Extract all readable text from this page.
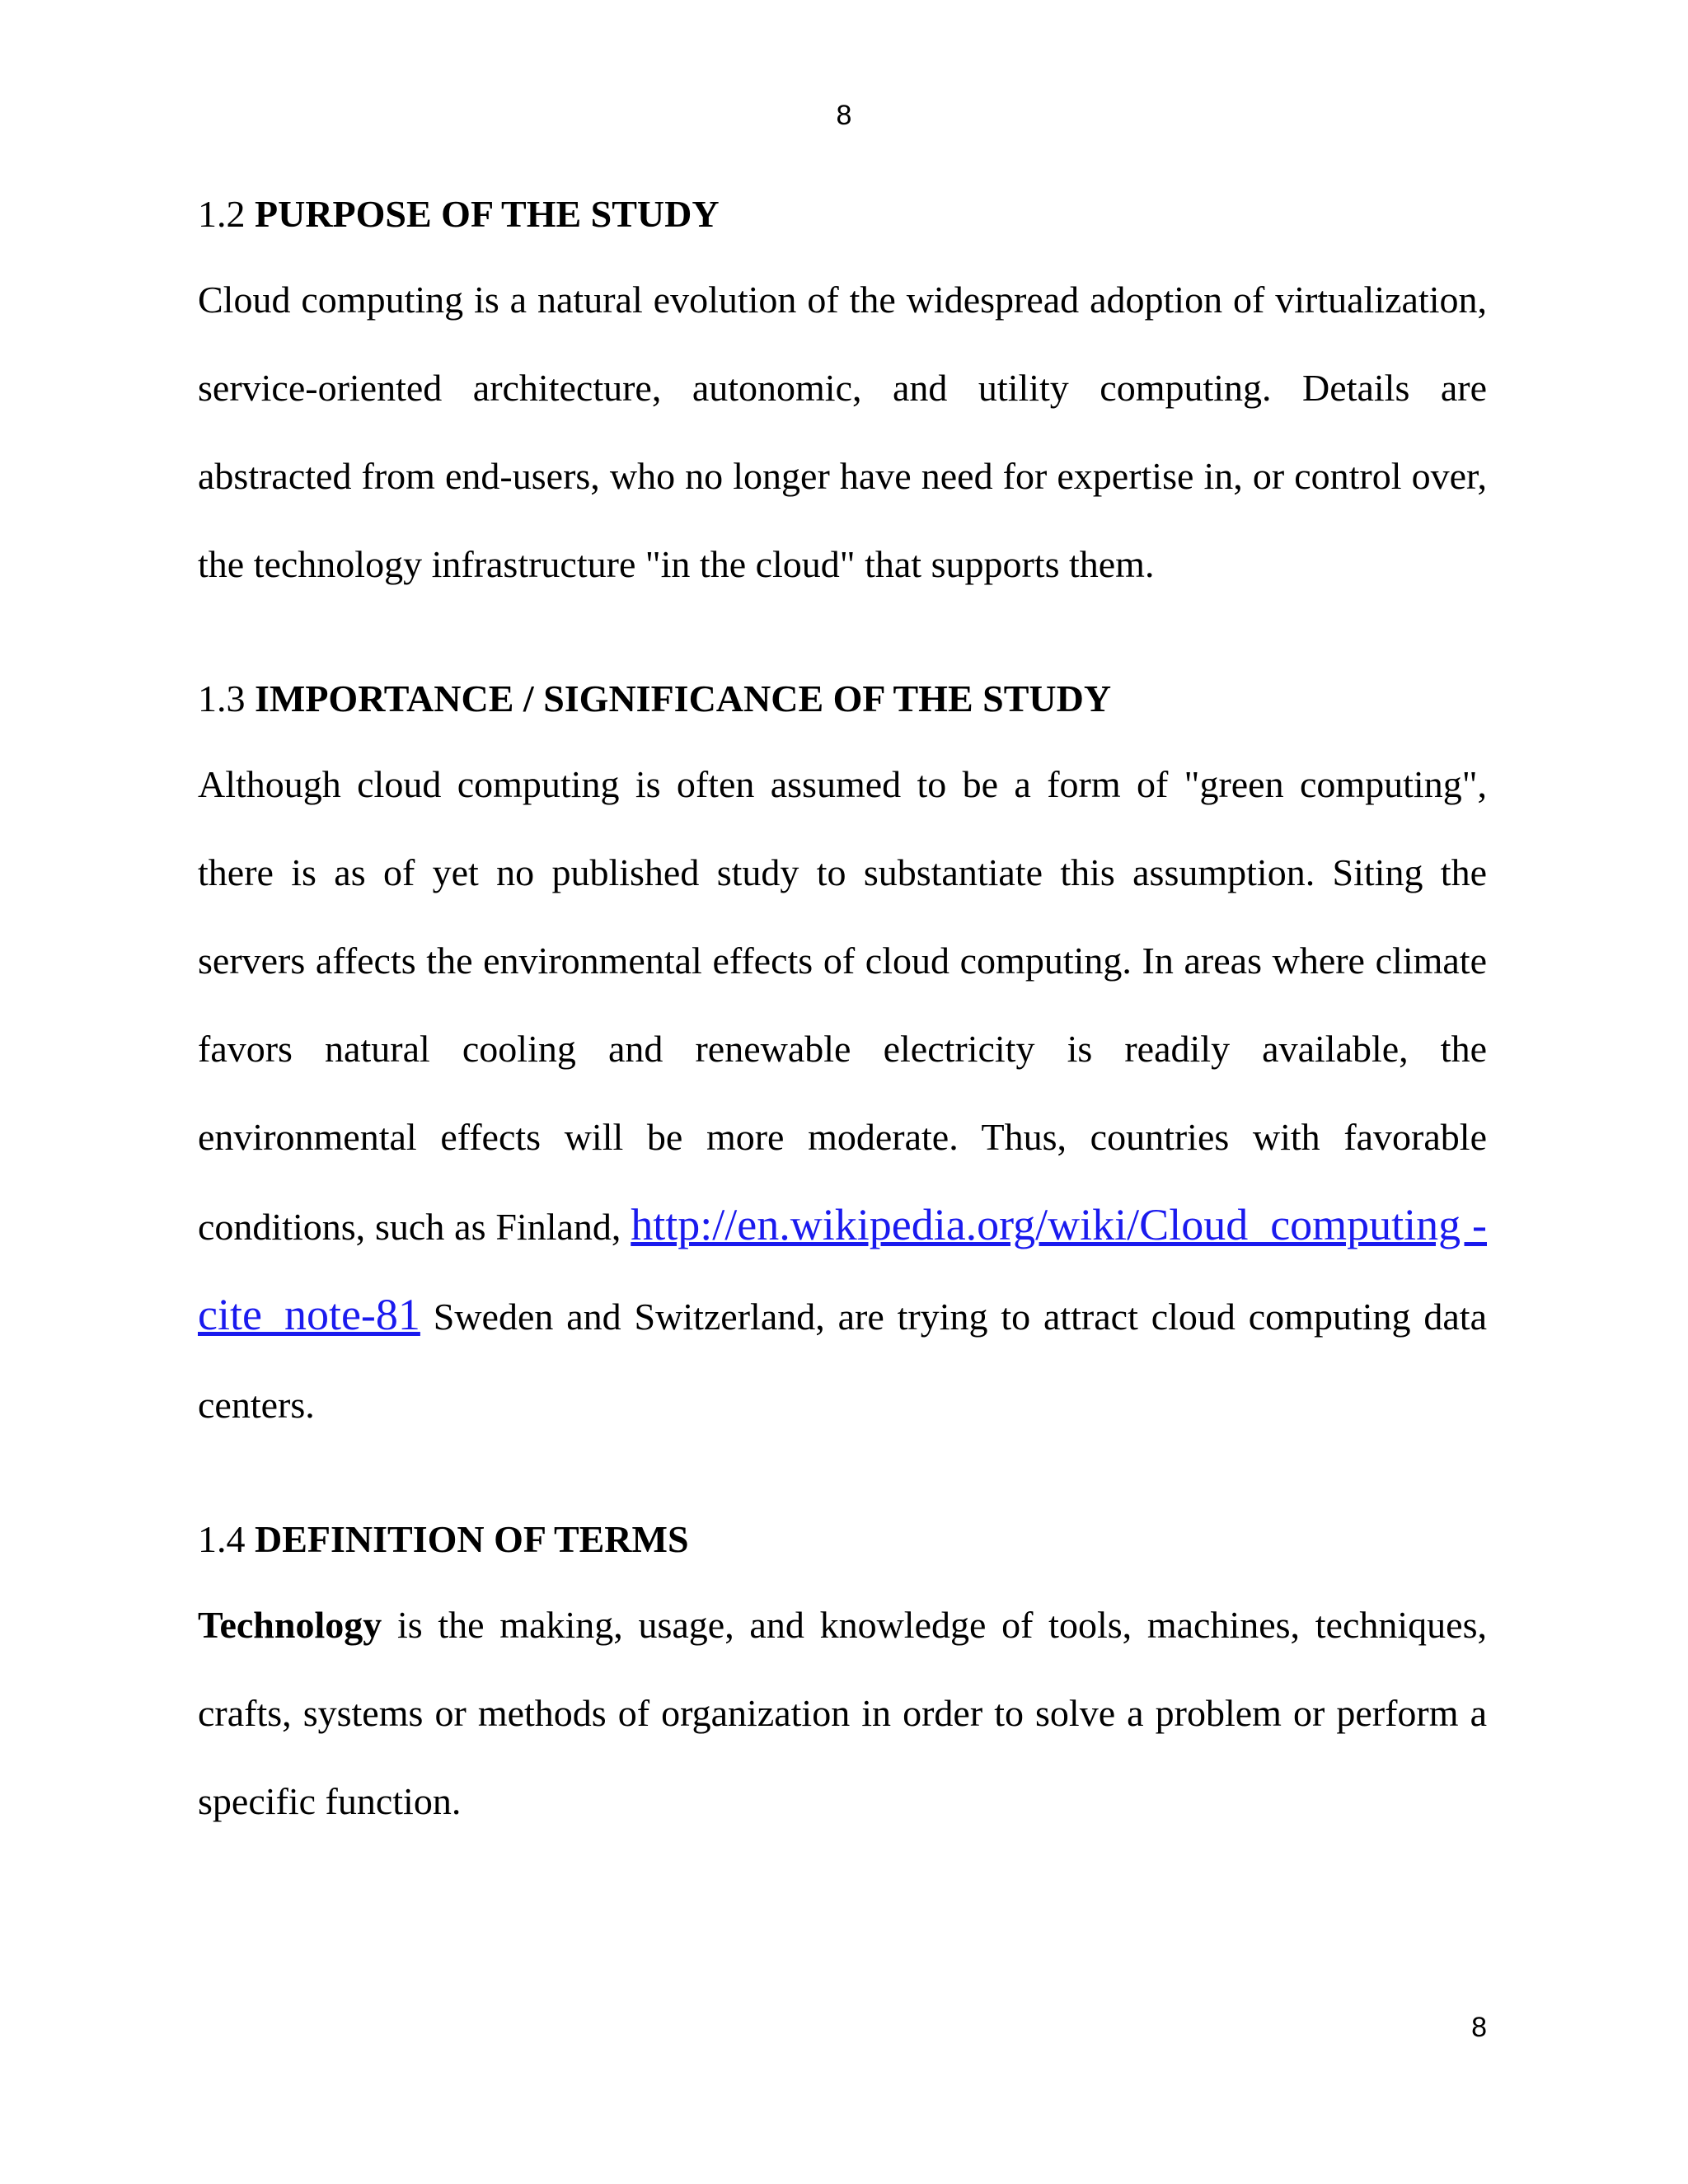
8

1.2 PURPOSE OF THE STUDY

Cloud computing is a natural evolution of the widespread adoption of virtualization, service-oriented architecture, autonomic, and utility computing. Details are abstracted from end-users, who no longer have need for expertise in, or control over, the technology infrastructure "in the cloud" that supports them.

1.3 IMPORTANCE / SIGNIFICANCE OF THE STUDY

Although cloud computing is often assumed to be a form of "green computing", there is as of yet no published study to substantiate this assumption. Siting the servers affects the environmental effects of cloud computing. In areas where climate favors natural cooling and renewable electricity is readily available, the environmental effects will be more moderate. Thus, countries with favorable conditions, such as Finland, http://en.wikipedia.org/wiki/Cloud_computing - cite_note-81 Sweden and Switzerland, are trying to attract cloud computing data centers.

1.4 DEFINITION OF TERMS

Technology is the making, usage, and knowledge of tools, machines, techniques, crafts, systems or methods of organization in order to solve a problem or perform a specific function.

8
